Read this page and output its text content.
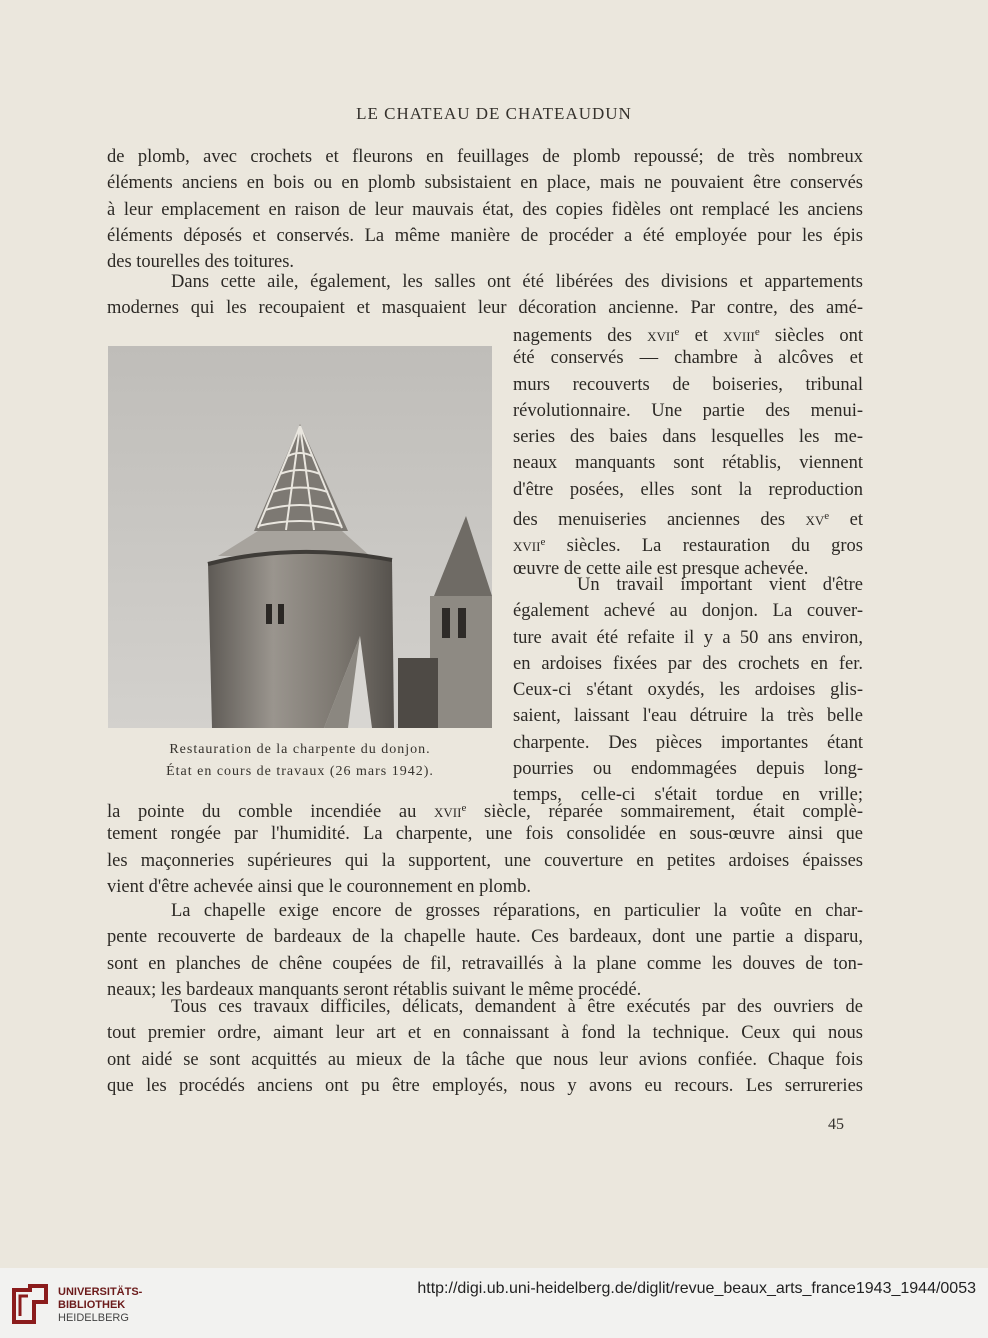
LE CHATEAU DE CHATEAUDUN
de plomb, avec crochets et fleurons en feuillages de plomb repoussé; de très nombreux
éléments anciens en bois ou en plomb subsistaient en place, mais ne pouvaient être conservés
à leur emplacement en raison de leur mauvais état, des copies fidèles ont remplacé les anciens
éléments déposés et conservés. La même manière de procéder a été employée pour les épis
des tourelles des toitures.
Dans cette aile, également, les salles ont été libérées des divisions et appartements
modernes qui les recoupaient et masquaient leur décoration ancienne. Par contre, des amé-
Restauration de la charpente du donjon.
État en cours de travaux (26 mars 1942).
nagements des xvii$^e$ et xviii$^e$ siècles ont
été conservés — chambre à alcôves et
murs recouverts de boiseries, tribunal
révolutionnaire. Une partie des menui-
series des baies dans lesquelles les me-
neaux manquants sont rétablis, viennent
d'être posées, elles sont la reproduction
des menuiseries anciennes des $xv^e$ et
xvii$^e$ siècles. La restauration du gros
œuvre de cette aile est presque achevée.
Un travail important vient d'être
également achevé au donjon. La couver-
ture avait été refaite il y a 50 ans environ,
en ardoises fixées par des crochets en fer.
Ceux-ci s'étant oxydés, les ardoises glis-
saient, laissant l'eau détruire la très belle
charpente. Des pièces importantes étant
pourries ou endommagées depuis long-
temps, celle-ci s'était tordue en vrille;
la pointe du comble incendiée au xvii$^e$ siècle, réparée sommairement, était complè-
tement rongée par l'humidité. La charpente, une fois consolidée en sous-œuvre ainsi que
les maçonneries supérieures qui la supportent, une couverture en petites ardoises épaisses
vient d'être achevée ainsi que le couronnement en plomb.
La chapelle exige encore de grosses réparations, en particulier la voûte en char-
pente recouverte de bardeaux de la chapelle haute. Ces bardeaux, dont une partie a disparu,
sont en planches de chêne coupées de fil, retravaillés à la plane comme les douves de ton-
neaux; les bardeaux manquants seront rétablis suivant le même procédé.
Tous ces travaux difficiles, délicats, demandent à être exécutés par des ouvriers de
tout premier ordre, aimant leur art et en connaissant à fond la technique. Ceux qui nous
ont aidé se sont acquittés au mieux de la tâche que nous leur avions confiée. Chaque fois
que les procédés anciens ont pu être employés, nous y avons eu recours. Les serrureries
45
UNIVERSITÄTS-
BIBLIOTHEK
HEIDELBERG
http://digi.ub.uni-heidelberg.de/diglit/revue_beaux_arts_france1943_1944/0053
